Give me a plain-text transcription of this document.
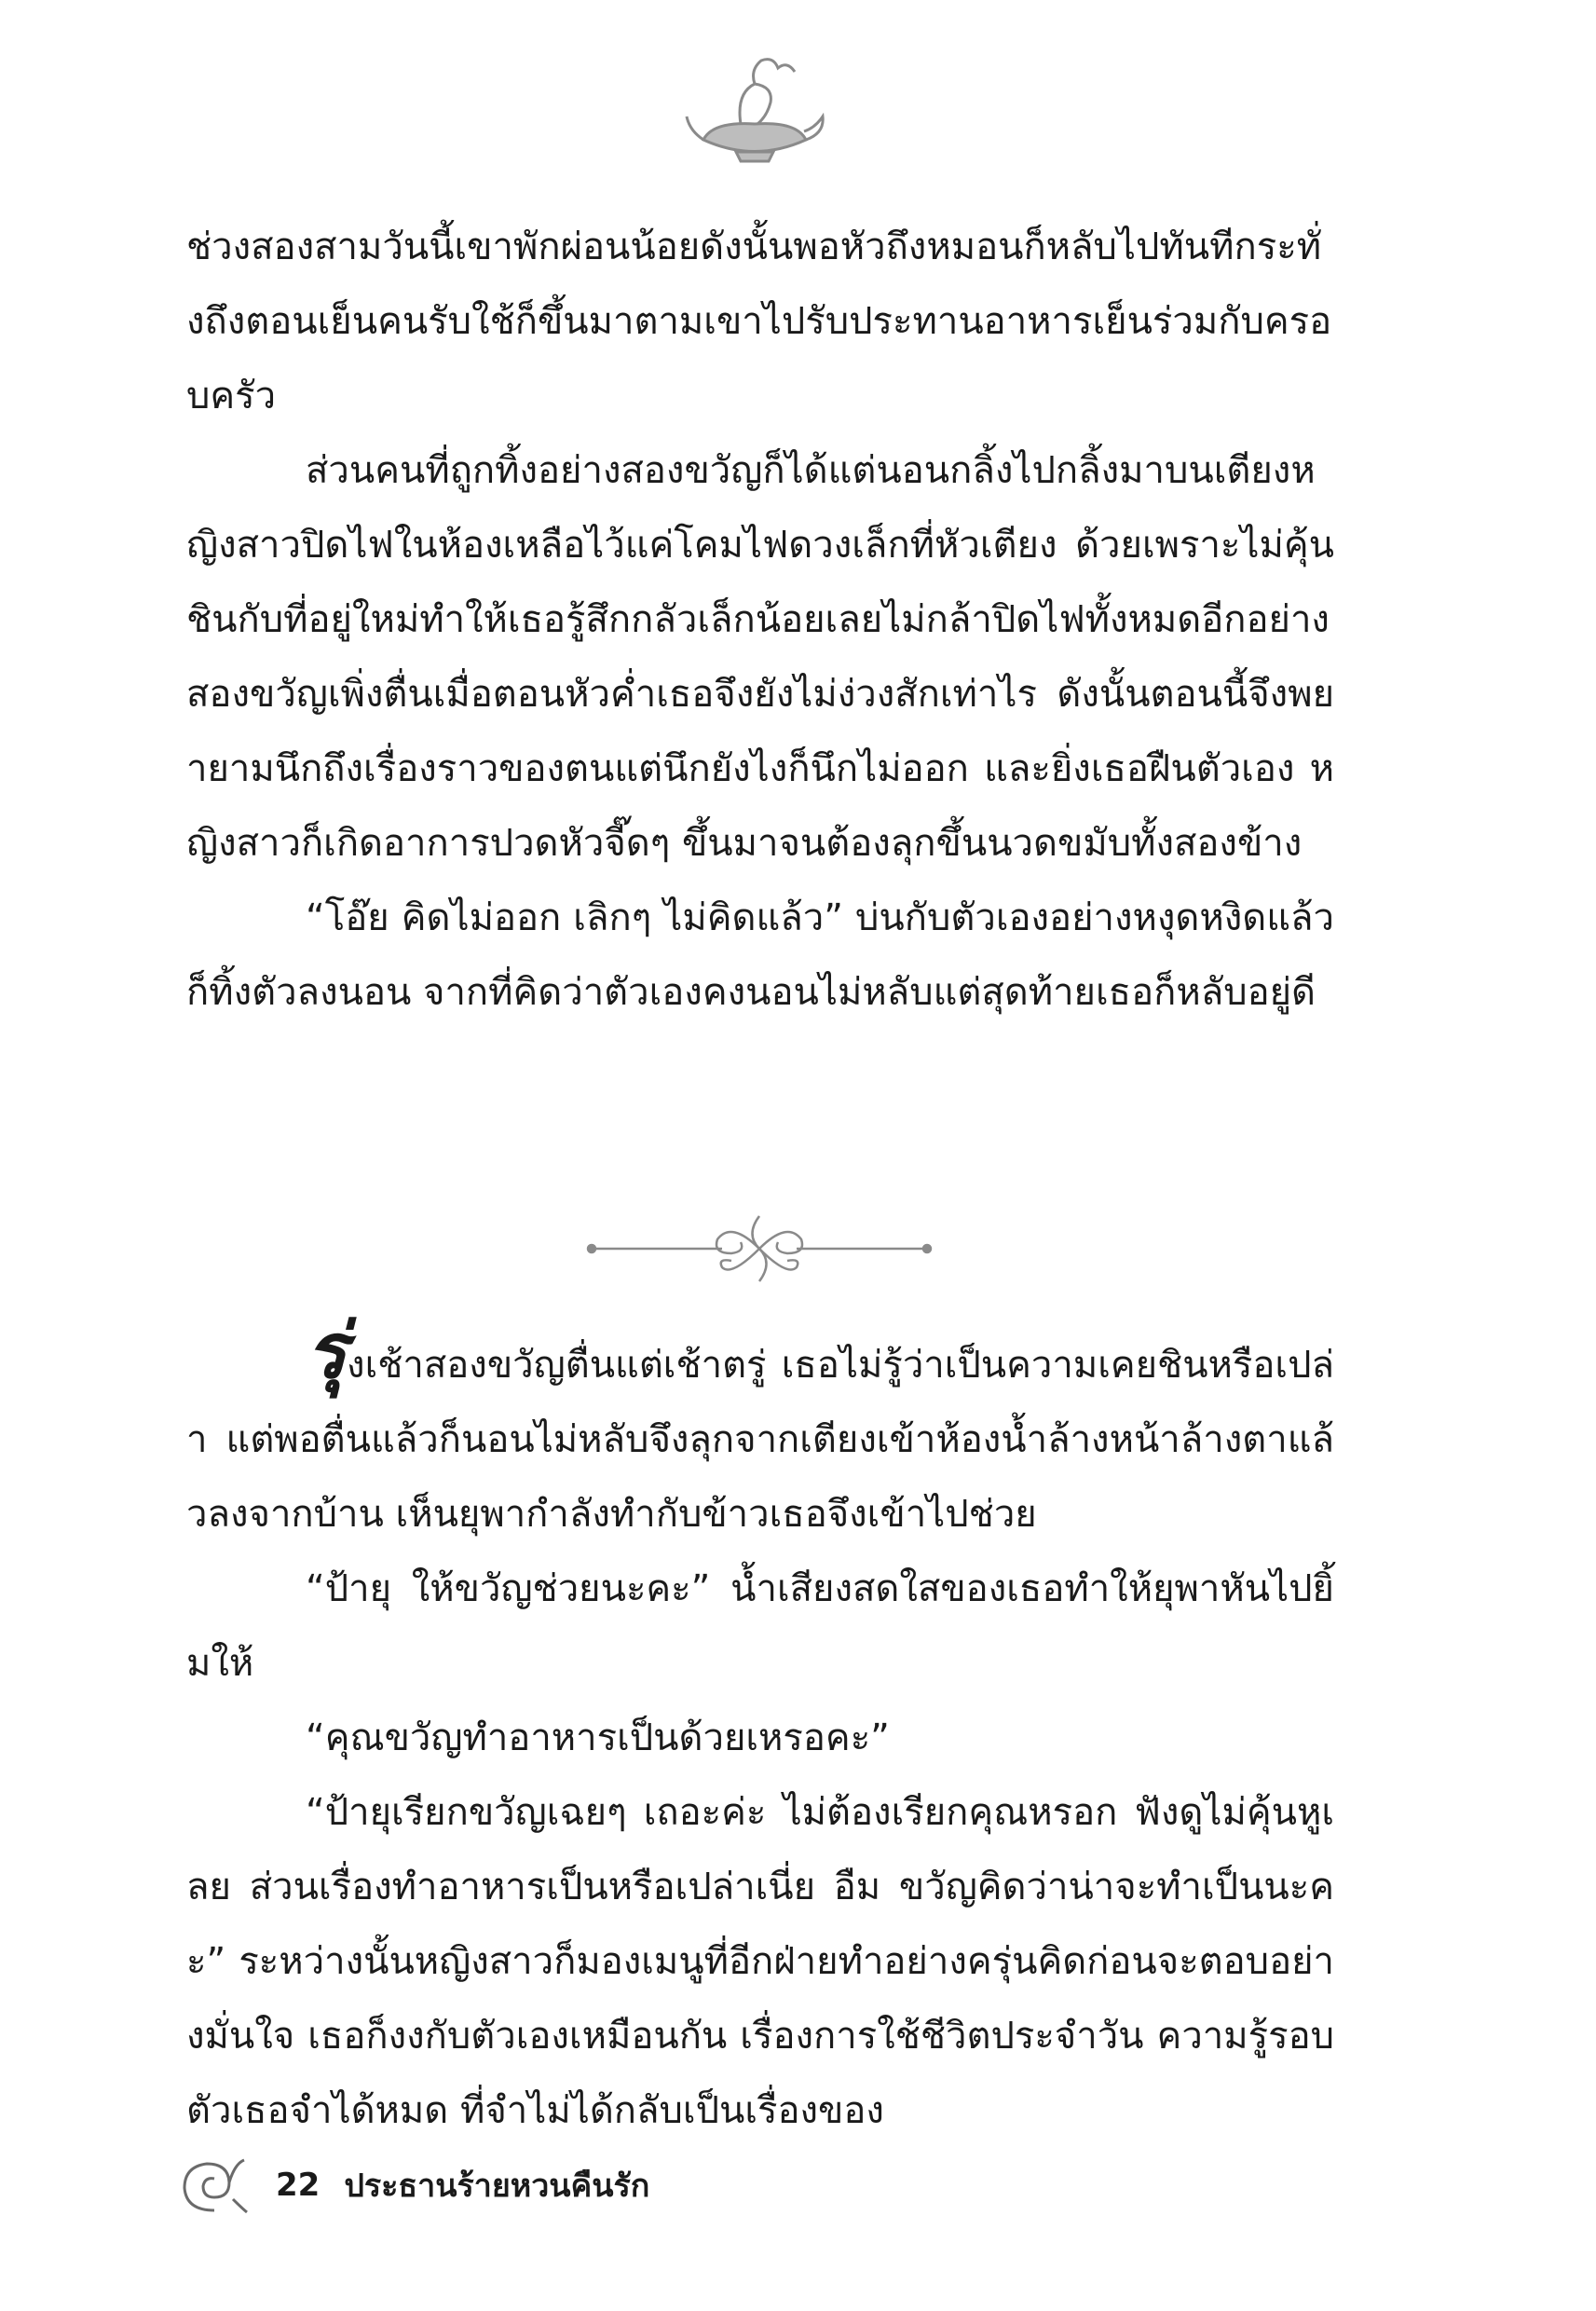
ช่วงสองสามวันนี้เขาพักผ่อนน้อยดังนั้นพอหัวถึงหมอนก็หลับไปทันทีกระทั่งถึงตอนเย็นคนรับใช้ก็ขึ้นมาตามเขาไปรับประทานอาหารเย็นร่วมกับครอบครัว

ส่วนคนที่ถูกทิ้งอย่างสองขวัญก็ได้แต่นอนกลิ้งไปกลิ้งมาบนเตียงหญิงสาวปิดไฟในห้องเหลือไว้แค่โคมไฟดวงเล็กที่หัวเตียง ด้วยเพราะไม่คุ้นชินกับที่อยู่ใหม่ทำให้เธอรู้สึกกลัวเล็กน้อยเลยไม่กล้าปิดไฟทั้งหมดอีกอย่างสองขวัญเพิ่งตื่นเมื่อตอนหัวค่ำเธอจึงยังไม่ง่วงสักเท่าไร ดังนั้นตอนนี้จึงพยายามนึกถึงเรื่องราวของตนแต่นึกยังไงก็นึกไม่ออก และยิ่งเธอฝืนตัวเอง หญิงสาวก็เกิดอาการปวดหัวจี๊ดๆ ขึ้นมาจนต้องลุกขึ้นนวดขมับทั้งสองข้าง

“โอ๊ย คิดไม่ออก เลิกๆ ไม่คิดแล้ว” บ่นกับตัวเองอย่างหงุดหงิดแล้วก็ทิ้งตัวลงนอน จากที่คิดว่าตัวเองคงนอนไม่หลับแต่สุดท้ายเธอก็หลับอยู่ดี

รุ่งเช้าสองขวัญตื่นแต่เช้าตรู่ เธอไม่รู้ว่าเป็นความเคยชินหรือเปล่า แต่พอตื่นแล้วก็นอนไม่หลับจึงลุกจากเตียงเข้าห้องน้ำล้างหน้าล้างตาแล้วลงจากบ้าน เห็นยุพากำลังทำกับข้าวเธอจึงเข้าไปช่วย

“ป้ายุ ให้ขวัญช่วยนะคะ” น้ำเสียงสดใสของเธอทำให้ยุพาหันไปยิ้มให้

“คุณขวัญทำอาหารเป็นด้วยเหรอคะ”

“ป้ายุเรียกขวัญเฉยๆ เถอะค่ะ ไม่ต้องเรียกคุณหรอก ฟังดูไม่คุ้นหูเลย ส่วนเรื่องทำอาหารเป็นหรือเปล่าเนี่ย อืม ขวัญคิดว่าน่าจะทำเป็นนะคะ” ระหว่างนั้นหญิงสาวก็มองเมนูที่อีกฝ่ายทำอย่างครุ่นคิดก่อนจะตอบอย่างมั่นใจ เธอก็งงกับตัวเองเหมือนกัน เรื่องการใช้ชีวิตประจำวัน ความรู้รอบตัวเธอจำได้หมด ที่จำไม่ได้กลับเป็นเรื่องของ

22 ประธานร้ายหวนคืนรัก
